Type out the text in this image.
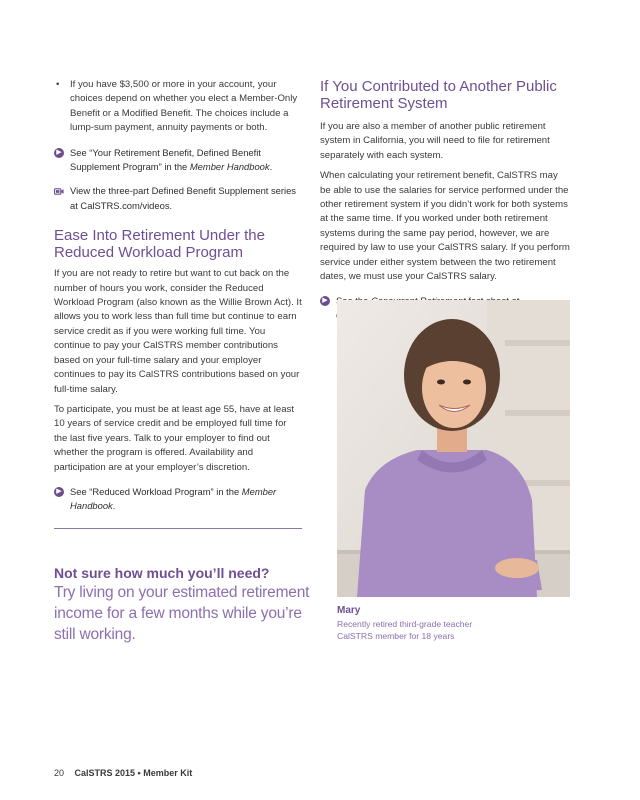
• If you have $3,500 or more in your account, your choices depend on whether you elect a Member-Only Benefit or a Modified Benefit. The choices include a lump-sum payment, annuity payments or both.
▶ See “Your Retirement Benefit, Defined Benefit Supplement Program” in the Member Handbook.
View the three-part Defined Benefit Supplement series at CalSTRS.com/videos.
Ease Into Retirement Under the Reduced Workload Program

If you are not ready to retire but want to cut back on the number of hours you work, consider the Reduced Workload Program (also known as the Willie Brown Act). It allows you to work less than full time but continue to earn service credit as if you were working full time. You continue to pay your CalSTRS member contributions based on your full-time salary and your employer continues to pay its CalSTRS contributions based on your full-time salary.

To participate, you must be at least age 55, have at least 10 years of service credit and be employed full time for the last five years. Talk to your employer to find out whether the program is offered. Availability and participation are at your employer’s discretion.

▶ See “Reduced Workload Program” in the Member Handbook.
Not sure how much you’ll need?
Try living on your estimated retirement income for a few months while you’re still working.
If You Contributed to Another Public Retirement System

If you are also a member of another public retirement system in California, you will need to file for retirement separately with each system.

When calculating your retirement benefit, CalSTRS may be able to use the salaries for service performed under the other retirement system if you didn’t work for both systems at the same time. If you worked under both retirement systems during the same pay period, however, we are required by law to use your CalSTRS salary. If you perform service under either system between the two retirement dates, we must use your CalSTRS salary.

▶
Mary
Recently retired third-grade teacher
CalSTRS member for 18 years
20 CalSTRS 2015 • Member Kit
